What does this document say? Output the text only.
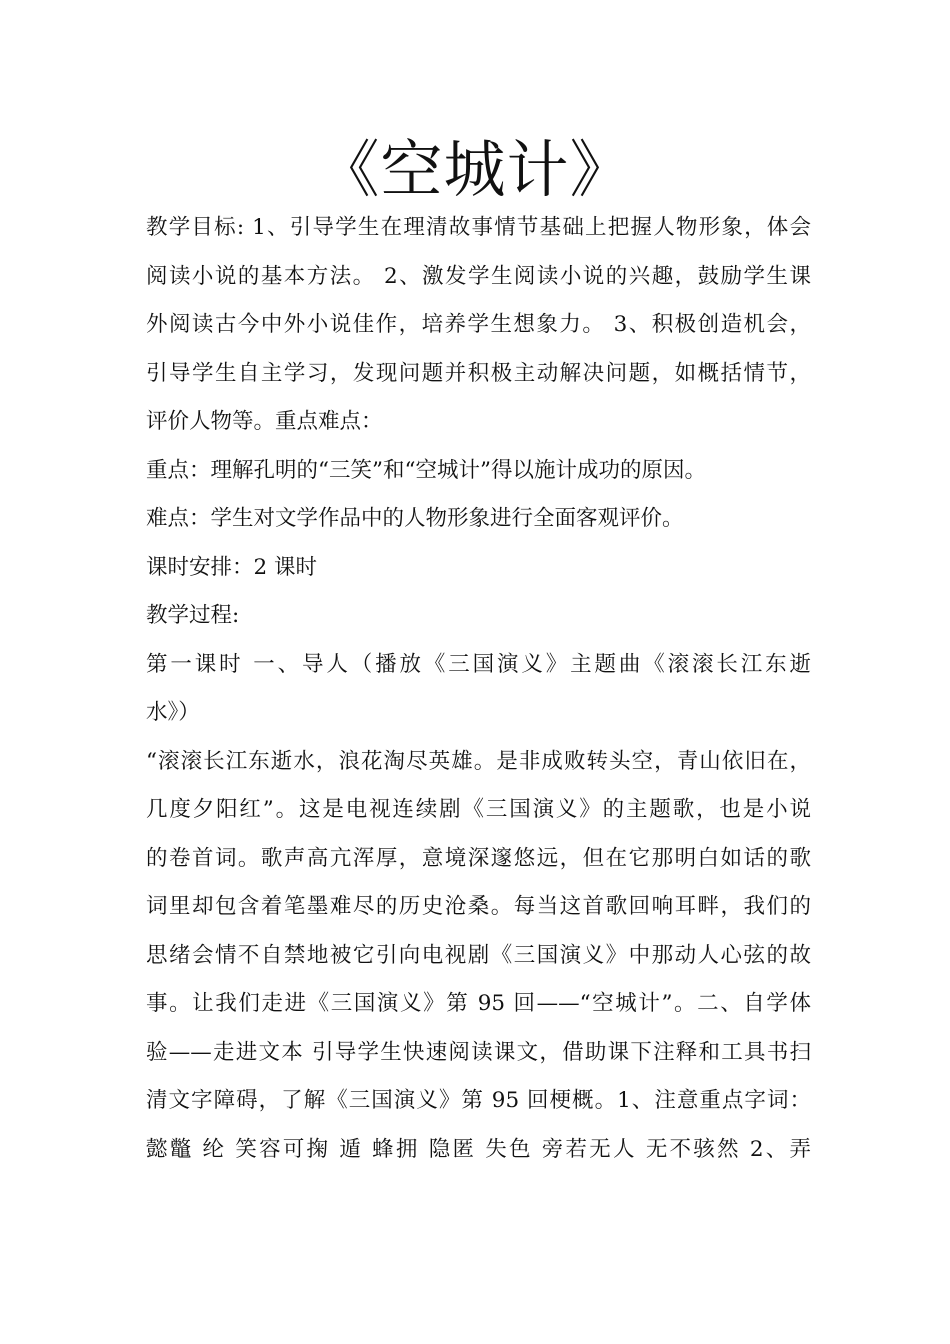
《空城计》
教学目标: 1、引导学生在理清故事情节基础上把握人物形象，体会
阅读小说的基本方法。 2、激发学生阅读小说的兴趣，鼓励学生课
外阅读古今中外小说佳作，培养学生想象力。 3、积极创造机会，
引导学生自主学习，发现问题并积极主动解决问题，如概括情节，
评价人物等。重点难点：
重点：理解孔明的“三笑”和“空城计”得以施计成功的原因。
难点：学生对文学作品中的人物形象进行全面客观评价。
课时安排：2 课时
教学过程:
第一课时 一、导人（播放《三国演义》主题曲《滚滚长江东逝
水》）
“滚滚长江东逝水，浪花淘尽英雄。是非成败转头空，青山依旧在，
几度夕阳红”。这是电视连续剧《三国演义》的主题歌，也是小说
的卷首词。歌声高亢浑厚，意境深邃悠远，但在它那明白如话的歌
词里却包含着笔墨难尽的历史沧桑。每当这首歌回响耳畔，我们的
思绪会情不自禁地被它引向电视剧《三国演义》中那动人心弦的故
事。让我们走进《三国演义》第 95 回——“空城计”。二、自学体
验——走进文本 引导学生快速阅读课文，借助课下注释和工具书扫
清文字障碍，了解《三国演义》第 95 回梗概。1、注意重点字词：
懿鼈 纶 笑容可掬 遁 蜂拥 隐匿 失色 旁若无人 无不骇然 2、弄
